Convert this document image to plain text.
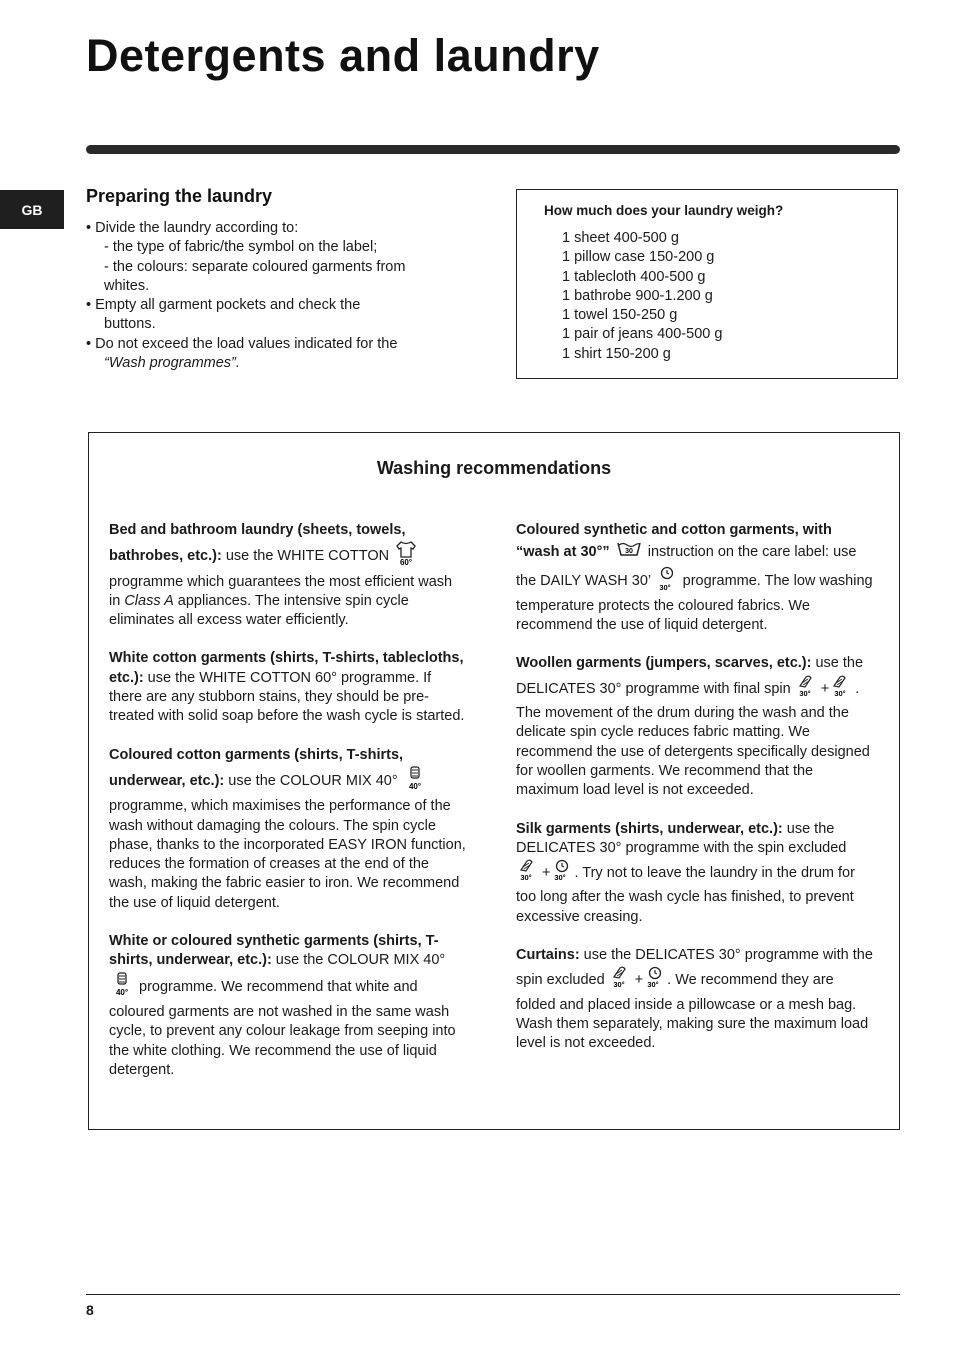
Detergents and laundry
GB
Preparing the laundry

• Divide the laundry according to:

- the type of fabric/the symbol on the label;

- the colours: separate coloured garments from

whites.

• Empty all garment pockets and check the

buttons.

• Do not exceed the load values indicated for the

“Wash programmes”.

How much does your laundry weigh?
1 sheet 400-500 g
1 pillow case 150-200 g
1 tablecloth 400-500 g
1 bathrobe 900-1.200 g
1 towel 150-250 g
1 pair of jeans 400-500 g
1 shirt 150-200 g
Washing recommendations

Bed and bathroom laundry (sheets, towels, bathrobes, etc.): use the WHITE COTTON 60°
programme which guarantees the most efficient wash in Class A appliances. The intensive spin cycle eliminates all excess water efficiently.

White cotton garments (shirts, T-shirts, tablecloths, etc.): use the WHITE COTTON 60° programme. If there are any stubborn stains, they should be pre-treated with solid soap before the wash cycle is started.

Coloured cotton garments (shirts, T-shirts, underwear, etc.): use the COLOUR MIX 40° 40°
programme, which maximises the performance of the wash without damaging the colours. The spin cycle phase, thanks to the incorporated EASY IRON function, reduces the formation of creases at the end of the wash, making the fabric easier to iron. We recommend the use of liquid detergent.

White or coloured synthetic garments (shirts, T-shirts, underwear, etc.): use the COLOUR MIX 40°
40° programme. We recommend that white and coloured garments are not washed in the same wash cycle, to prevent any colour leakage from seeping into the white clothing. We recommend the use of liquid detergent.

Coloured synthetic and cotton garments, with “wash at 30°” 30 instruction on the care label: use the DAILY WASH 30’ 30° programme. The low washing temperature protects the coloured fabrics. We recommend the use of liquid detergent.

Woollen garments (jumpers, scarves, etc.): use the DELICATES 30° programme with final spin 30° + 30° . The movement of the drum during the wash and the delicate spin cycle reduces fabric matting. We recommend the use of detergents specifically designed for woollen garments. We recommend that the maximum load level is not exceeded.

Silk garments (shirts, underwear, etc.): use the DELICATES 30° programme with the spin excluded
30° + 30° . Try not to leave the laundry in the drum for too long after the wash cycle has finished, to prevent excessive creasing.

Curtains: use the DELICATES 30° programme with the spin excluded 30° + 30° . We recommend they are folded and placed inside a pillowcase or a mesh bag. Wash them separately, making sure the maximum load level is not exceeded.

8
